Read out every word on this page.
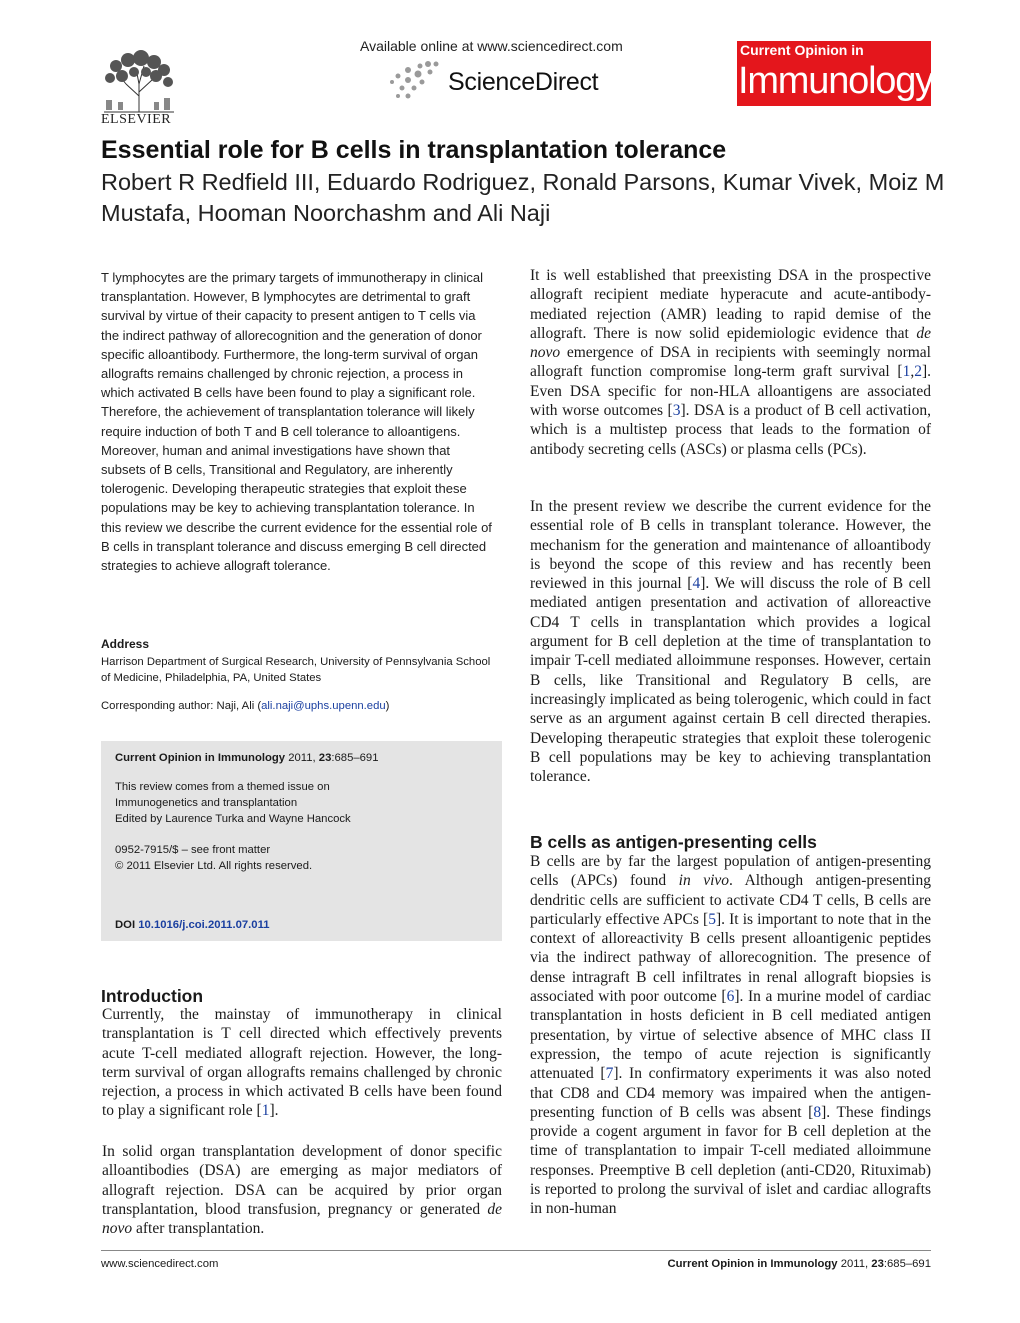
ELSEVIER
Available online at www.sciencedirect.com
ScienceDirect
Current Opinion in
Immunology
Essential role for B cells in transplantation tolerance
Robert R Redfield III, Eduardo Rodriguez, Ronald Parsons, Kumar Vivek, Moiz M Mustafa, Hooman Noorchashm and Ali Naji
T lymphocytes are the primary targets of immunotherapy in clinical transplantation. However, B lymphocytes are detrimental to graft survival by virtue of their capacity to present antigen to T cells via the indirect pathway of allorecognition and the generation of donor specific alloantibody. Furthermore, the long-term survival of organ allografts remains challenged by chronic rejection, a process in which activated B cells have been found to play a significant role. Therefore, the achievement of transplantation tolerance will likely require induction of both T and B cell tolerance to alloantigens. Moreover, human and animal investigations have shown that subsets of B cells, Transitional and Regulatory, are inherently tolerogenic. Developing therapeutic strategies that exploit these populations may be key to achieving transplantation tolerance. In this review we describe the current evidence for the essential role of B cells in transplant tolerance and discuss emerging B cell directed strategies to achieve allograft tolerance.
Address
Harrison Department of Surgical Research, University of Pennsylvania School of Medicine, Philadelphia, PA, United States
Corresponding author: Naji, Ali (ali.naji@uphs.upenn.edu)
Current Opinion in Immunology 2011, 23:685–691
This review comes from a themed issue on
Immunogenetics and transplantation
Edited by Laurence Turka and Wayne Hancock
0952-7915/$ – see front matter
© 2011 Elsevier Ltd. All rights reserved.
DOI 10.1016/j.coi.2011.07.011
Introduction
Currently, the mainstay of immunotherapy in clinical transplantation is T cell directed which effectively prevents acute T-cell mediated allograft rejection. However, the long-term survival of organ allografts remains challenged by chronic rejection, a process in which activated B cells have been found to play a significant role [1].
In solid organ transplantation development of donor specific alloantibodies (DSA) are emerging as major mediators of allograft rejection. DSA can be acquired by prior organ transplantation, blood transfusion, pregnancy or generated de novo after transplantation.
It is well established that preexisting DSA in the prospective allograft recipient mediate hyperacute and acute-antibody-mediated rejection (AMR) leading to rapid demise of the allograft. There is now solid epidemiologic evidence that de novo emergence of DSA in recipients with seemingly normal allograft function compromise long-term graft survival [1,2]. Even DSA specific for non-HLA alloantigens are associated with worse outcomes [3]. DSA is a product of B cell activation, which is a multistep process that leads to the formation of antibody secreting cells (ASCs) or plasma cells (PCs).
In the present review we describe the current evidence for the essential role of B cells in transplant tolerance. However, the mechanism for the generation and maintenance of alloantibody is beyond the scope of this review and has recently been reviewed in this journal [4]. We will discuss the role of B cell mediated antigen presentation and activation of alloreactive CD4 T cells in transplantation which provides a logical argument for B cell depletion at the time of transplantation to impair T-cell mediated alloimmune responses. However, certain B cells, like Transitional and Regulatory B cells, are increasingly implicated as being tolerogenic, which could in fact serve as an argument against certain B cell directed therapies. Developing therapeutic strategies that exploit these tolerogenic B cell populations may be key to achieving transplantation tolerance.
B cells as antigen-presenting cells
B cells are by far the largest population of antigen-presenting cells (APCs) found in vivo. Although antigen-presenting dendritic cells are sufficient to activate CD4 T cells, B cells are particularly effective APCs [5]. It is important to note that in the context of alloreactivity B cells present alloantigenic peptides via the indirect pathway of allorecognition. The presence of dense intragraft B cell infiltrates in renal allograft biopsies is associated with poor outcome [6]. In a murine model of cardiac transplantation in hosts deficient in B cell mediated antigen presentation, by virtue of selective absence of MHC class II expression, the tempo of acute rejection is significantly attenuated [7]. In confirmatory experiments it was also noted that CD8 and CD4 memory was impaired when the antigen-presenting function of B cells was absent [8]. These findings provide a cogent argument in favor for B cell depletion at the time of transplantation to impair T-cell mediated alloimmune responses. Preemptive B cell depletion (anti-CD20, Rituximab) is reported to prolong the survival of islet and cardiac allografts in non-human
www.sciencedirect.com	Current Opinion in Immunology 2011, 23:685–691
